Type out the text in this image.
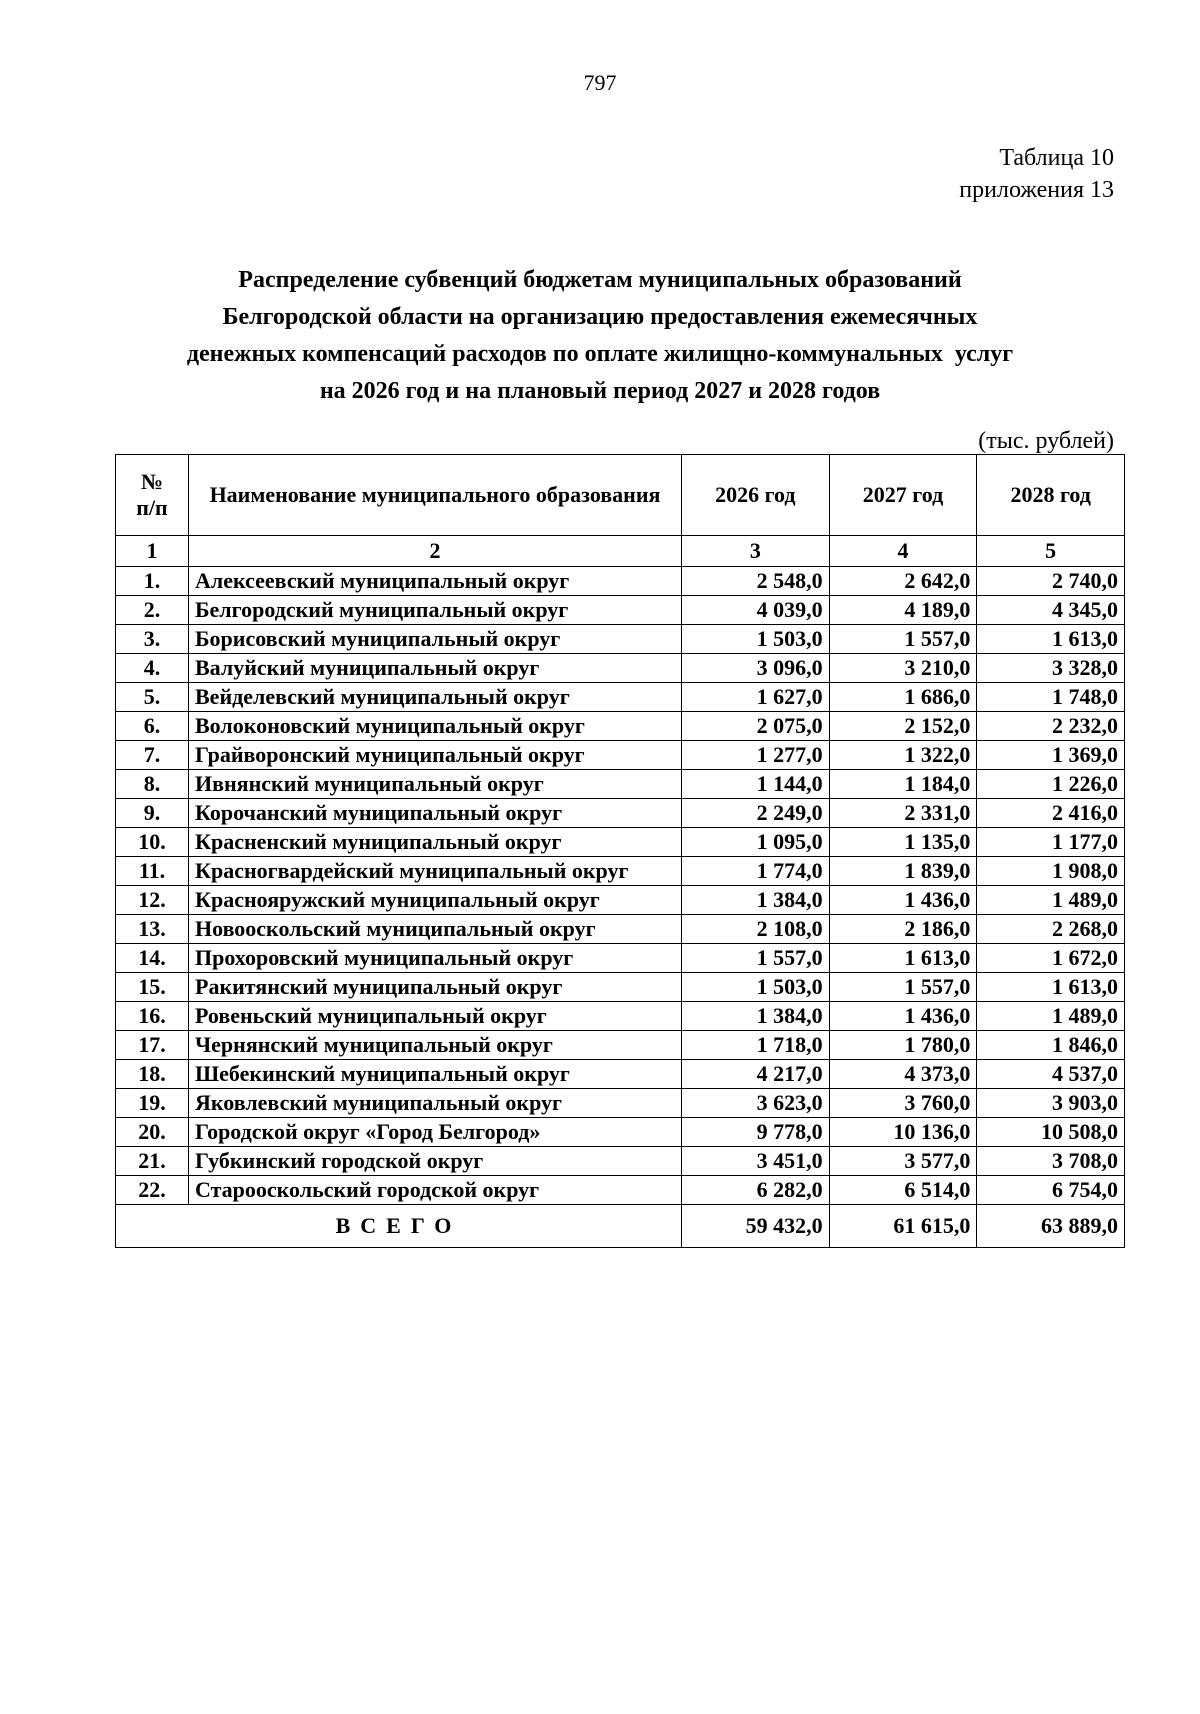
797
Таблица 10
приложения 13
Распределение субвенций бюджетам муниципальных образований
Белгородской области на организацию предоставления ежемесячных
денежных компенсаций расходов по оплате жилищно-коммунальных  услуг
на 2026 год и на плановый период 2027 и 2028 годов
(тыс. рублей)
№
п/п	Наименование муниципального образования	2026 год	2027 год	2028 год
1	2	3	4	5
1.	Алексеевский муниципальный округ	2 548,0	2 642,0	2 740,0
2.	Белгородский муниципальный округ	4 039,0	4 189,0	4 345,0
3.	Борисовский муниципальный округ	1 503,0	1 557,0	1 613,0
4.	Валуйский муниципальный округ	3 096,0	3 210,0	3 328,0
5.	Вейделевский муниципальный округ	1 627,0	1 686,0	1 748,0
6.	Волоконовский муниципальный округ	2 075,0	2 152,0	2 232,0
7.	Грайворонский муниципальный округ	1 277,0	1 322,0	1 369,0
8.	Ивнянский муниципальный округ	1 144,0	1 184,0	1 226,0
9.	Корочанский муниципальный округ	2 249,0	2 331,0	2 416,0
10.	Красненский муниципальный округ	1 095,0	1 135,0	1 177,0
11.	Красногвардейский муниципальный округ	1 774,0	1 839,0	1 908,0
12.	Краснояружский муниципальный округ	1 384,0	1 436,0	1 489,0
13.	Новооскольский муниципальный округ	2 108,0	2 186,0	2 268,0
14.	Прохоровский муниципальный округ	1 557,0	1 613,0	1 672,0
15.	Ракитянский муниципальный округ	1 503,0	1 557,0	1 613,0
16.	Ровеньский муниципальный округ	1 384,0	1 436,0	1 489,0
17.	Чернянский муниципальный округ	1 718,0	1 780,0	1 846,0
18.	Шебекинский муниципальный округ	4 217,0	4 373,0	4 537,0
19.	Яковлевский муниципальный округ	3 623,0	3 760,0	3 903,0
20.	Городской округ «Город Белгород»	9 778,0	10 136,0	10 508,0
21.	Губкинский городской округ	3 451,0	3 577,0	3 708,0
22.	Старооскольский городской округ	6 282,0	6 514,0	6 754,0
ВСЕГО		59 432,0	61 615,0	63 889,0
